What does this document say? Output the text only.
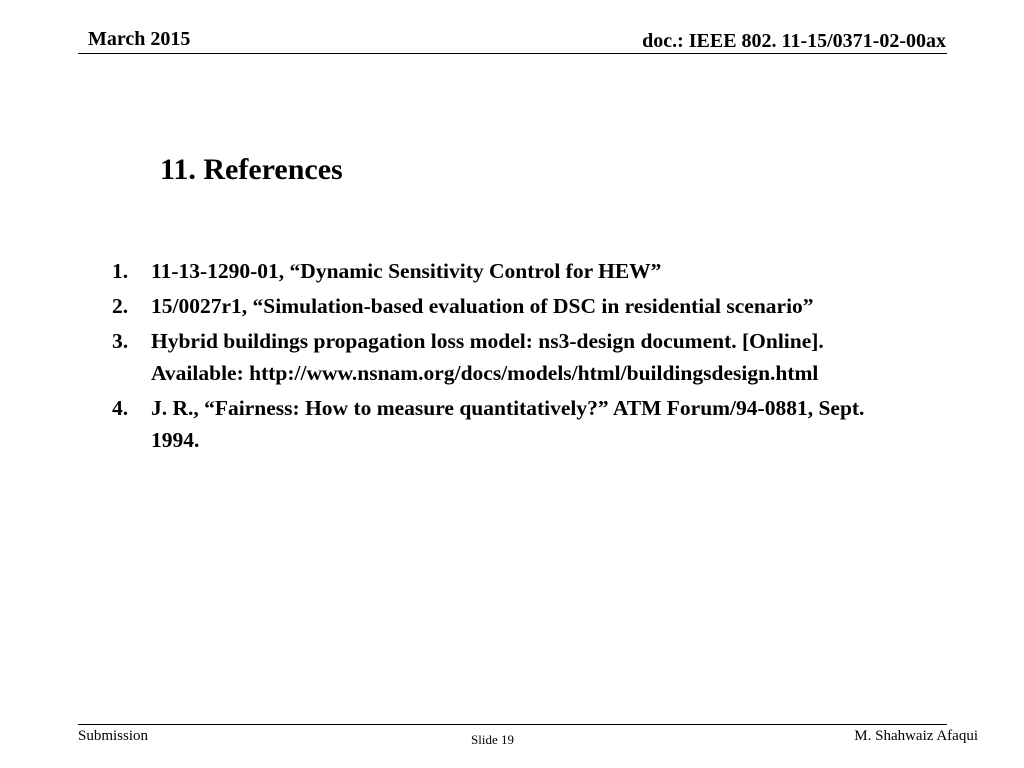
March 2015	doc.: IEEE 802. 11-15/0371-02-00ax
11. References
1. 11-13-1290-01, “Dynamic Sensitivity Control for HEW”
2. 15/0027r1, “Simulation-based evaluation of DSC in residential scenario”
3. Hybrid buildings propagation loss model: ns3-design document. [Online]. Available: http://www.nsnam.org/docs/models/html/buildingsdesign.html
4. J. R., “Fairness: How to measure quantitatively?” ATM Forum/94-0881, Sept. 1994.
Submission	Slide 19	M. Shahwaiz Afaqui
